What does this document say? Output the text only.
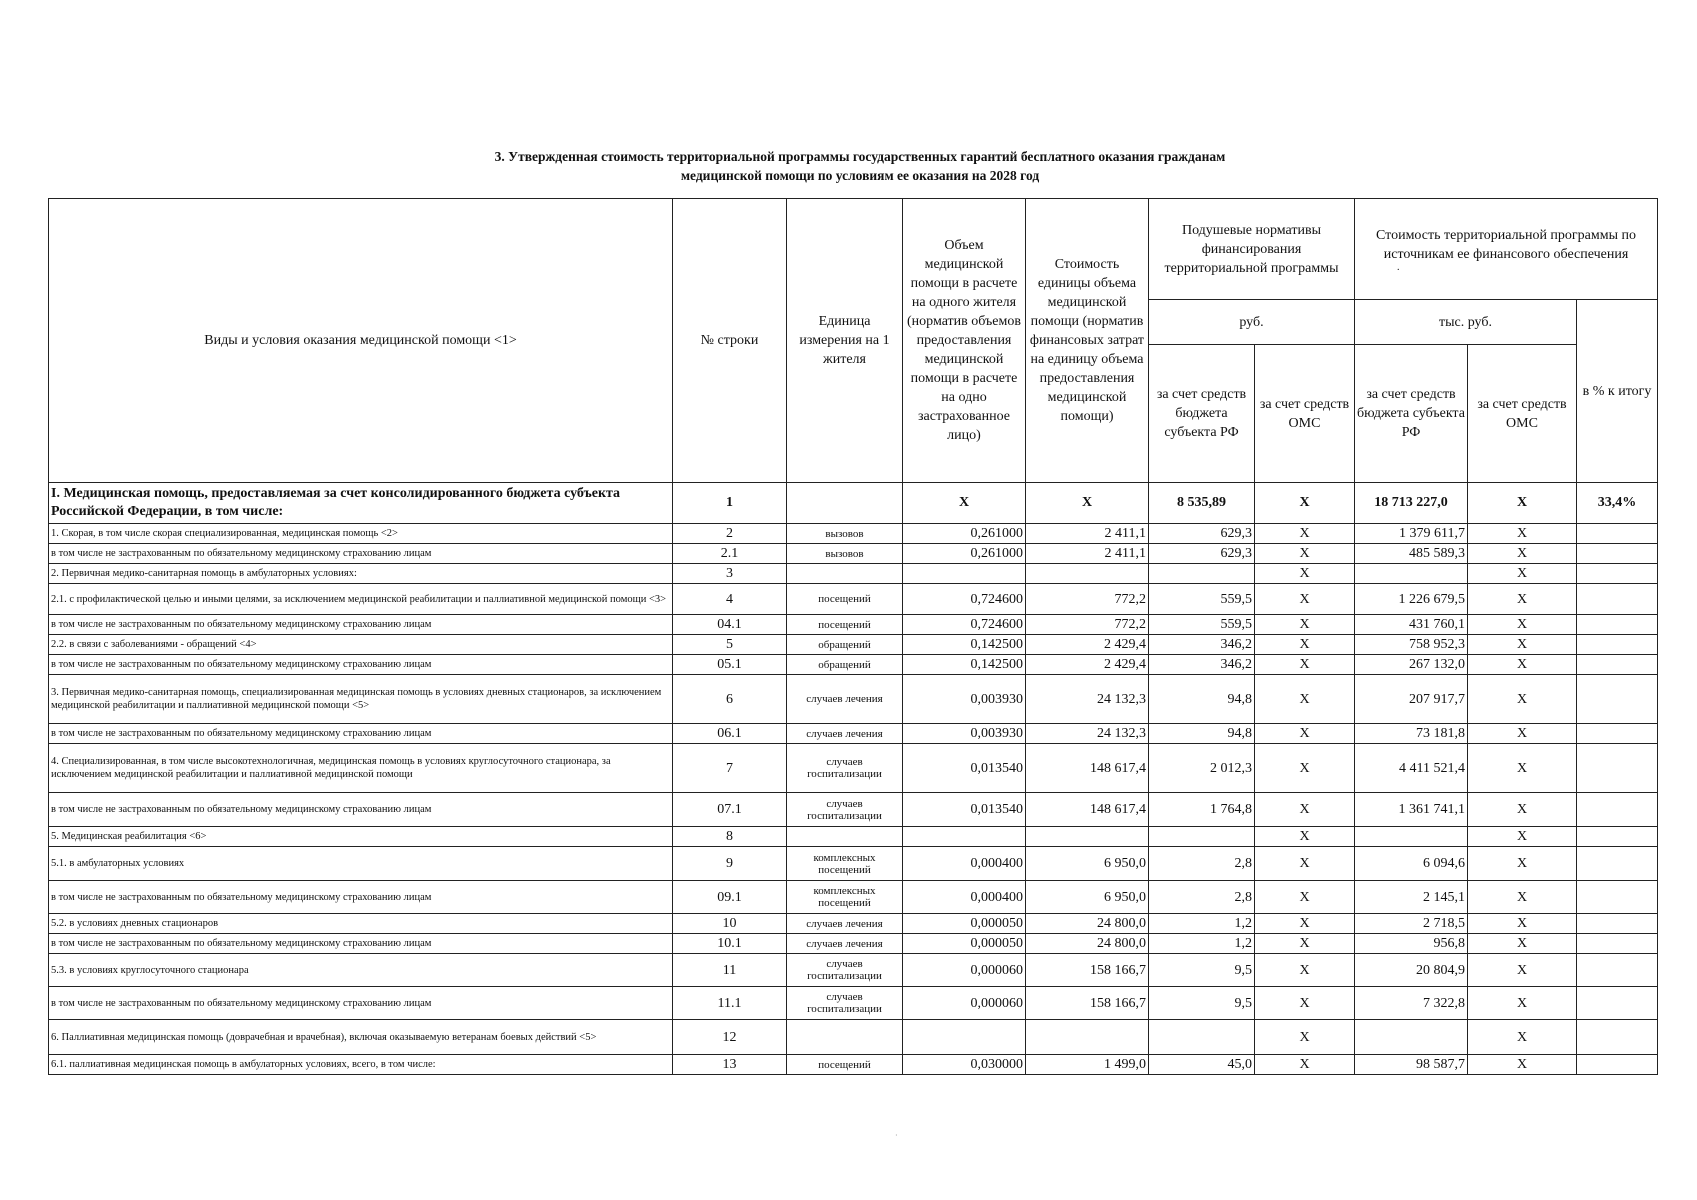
3. Утвержденная стоимость территориальной программы государственных гарантий бесплатного оказания гражданам
медицинской помощи по условиям ее оказания на 2028 год
Виды и условия оказания медицинской помощи <1>	№ строки	Единица измерения на 1 жителя	Объем медицинской помощи в расчете на одного жителя (норматив объемов предоставления медицинской помощи в расчете на одно застрахованное лицо)	Стоимость единицы объема медицинской помощи (норматив финансовых затрат на единицу объема предоставления медицинской помощи)	Подушевые нормативы финансирования территориальной программы		Стоимость территориальной программы по источникам ее финансового обеспечения
.		

					руб.		тыс. руб.		в % к итогу
					за счет средств бюджета субъекта РФ	за счет средств ОМС	за счет средств бюджета субъекта РФ	за счет средств ОМС	
I. Медицинская помощь, предоставляемая за счет консолидированного бюджета субъекта Российской Федерации, в том числе:	1		Х	Х	8 535,89	Х	18 713 227,0	Х	33,4%
1. Скорая, в том числе скорая специализированная, медицинская помощь <2>	2	вызовов	0,261000	2 411,1	629,3	Х	1 379 611,7	Х	
в том числе не застрахованным по обязательному медицинскому страхованию лицам	2.1	вызовов	0,261000	2 411,1	629,3	Х	485 589,3	Х	
2. Первичная медико-санитарная помощь в амбулаторных условиях:	3					Х		Х	
2.1. с профилактической целью и иными целями, за исключением медицинской реабилитации и паллиативной медицинской помощи <3>	4	посещений	0,724600	772,2	559,5	Х	1 226 679,5	Х	
в том числе не застрахованным по обязательному медицинскому страхованию лицам	04.1	посещений	0,724600	772,2	559,5	Х	431 760,1	Х	
2.2. в связи с заболеваниями - обращений <4>	5	обращений	0,142500	2 429,4	346,2	Х	758 952,3	Х	
в том числе не застрахованным по обязательному медицинскому страхованию лицам	05.1	обращений	0,142500	2 429,4	346,2	Х	267 132,0	Х	
3. Первичная медико-санитарная помощь, специализированная медицинская помощь в условиях дневных стационаров, за исключением медицинской реабилитации и паллиативной медицинской помощи <5>	6	случаев лечения	0,003930	24 132,3	94,8	Х	207 917,7	Х	
в том числе не застрахованным по обязательному медицинскому страхованию лицам	06.1	случаев лечения	0,003930	24 132,3	94,8	Х	73 181,8	Х	
4. Специализированная, в том числе высокотехнологичная, медицинская помощь в условиях круглосуточного стационара, за исключением медицинской реабилитации и паллиативной медицинской помощи	7	случаев госпитализации	0,013540	148 617,4	2 012,3	Х	4 411 521,4	Х	
в том числе не застрахованным по обязательному медицинскому страхованию лицам	07.1	случаев госпитализации	0,013540	148 617,4	1 764,8	Х	1 361 741,1	Х	
5. Медицинская реабилитация <6>	8					Х		Х	
5.1. в амбулаторных условиях	9	комплексных посещений	0,000400	6 950,0	2,8	Х	6 094,6	Х	
в том числе не застрахованным по обязательному медицинскому страхованию лицам	09.1	комплексных посещений	0,000400	6 950,0	2,8	Х	2 145,1	Х	
5.2. в условиях дневных стационаров	10	случаев лечения	0,000050	24 800,0	1,2	Х	2 718,5	Х	
в том числе не застрахованным по обязательному медицинскому страхованию лицам	10.1	случаев лечения	0,000050	24 800,0	1,2	Х	956,8	Х	
5.3. в условиях круглосуточного стационара	11	случаев госпитализации	0,000060	158 166,7	9,5	Х	20 804,9	Х	
в том числе не застрахованным по обязательному медицинскому страхованию лицам	11.1	случаев госпитализации	0,000060	158 166,7	9,5	Х	7 322,8	Х	
6. Паллиативная медицинская помощь (доврачебная и врачебная), включая оказываемую ветеранам боевых действий <5>	12					Х		Х	
6.1. паллиативная медицинская помощь в амбулаторных условиях, всего, в том числе:	13	посещений	0,030000	1 499,0	45,0	Х	98 587,7	Х	
·
